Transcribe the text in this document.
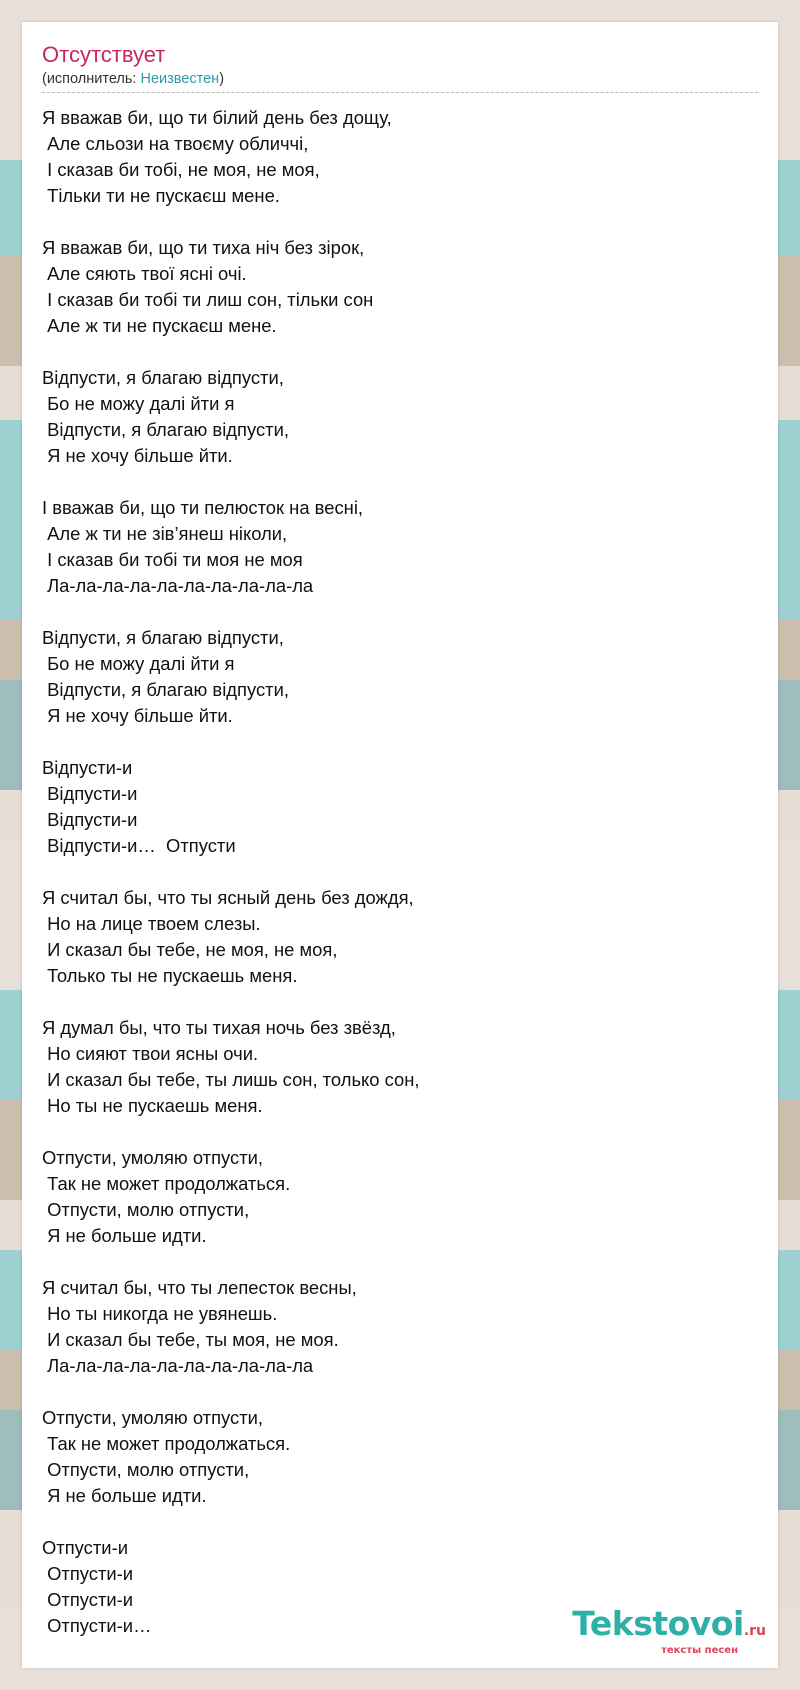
Отсутствует
(исполнитель: Неизвестен)
Я вважав би, що ти білий день без дощу,
Але сльози на твоєму обличчі,
І сказав би тобі, не моя, не моя,
Тільки ти не пускаєш мене.
Я вважав би, що ти тиха ніч без зірок,
Але сяють твої ясні очі.
І сказав би тобі ти лиш сон, тільки сон
Але ж ти не пускаєш мене.
Відпусти, я благаю відпусти,
Бо не можу далі йти я
Відпусти, я благаю відпусти,
Я не хочу більше йти.
І вважав би, що ти пелюсток на весні,
Але ж ти не зів’янеш ніколи,
І сказав би тобі ти моя не моя
Ла-ла-ла-ла-ла-ла-ла-ла-ла-ла
Відпусти, я благаю відпусти,
Бо не можу далі йти я
Відпусти, я благаю відпусти,
Я не хочу більше йти.
Відпусти-и
Відпусти-и
Відпусти-и
Відпусти-и…  Отпусти
Я считал бы, что ты ясный день без дождя,
Но на лице твоем слезы.
И сказал бы тебе, не моя, не моя,
Только ты не пускаешь меня.
Я думал бы, что ты тихая ночь без звёзд,
Но сияют твои ясны очи.
И сказал бы тебе, ты лишь сон, только сон,
Но ты не пускаешь меня.
Отпусти, умоляю отпусти,
Так не может продолжаться.
Отпусти, молю отпусти,
Я не больше идти.
Я считал бы, что ты лепесток весны,
Но ты никогда не увянешь.
И сказал бы тебе, ты моя, не моя.
Ла-ла-ла-ла-ла-ла-ла-ла-ла-ла
Отпусти, умоляю отпусти,
Так не может продолжаться.
Отпусти, молю отпусти,
Я не больше идти.
Отпусти-и
Отпусти-и
Отпусти-и
Отпусти-и…	Tekstovoi.ru
тексты песен
